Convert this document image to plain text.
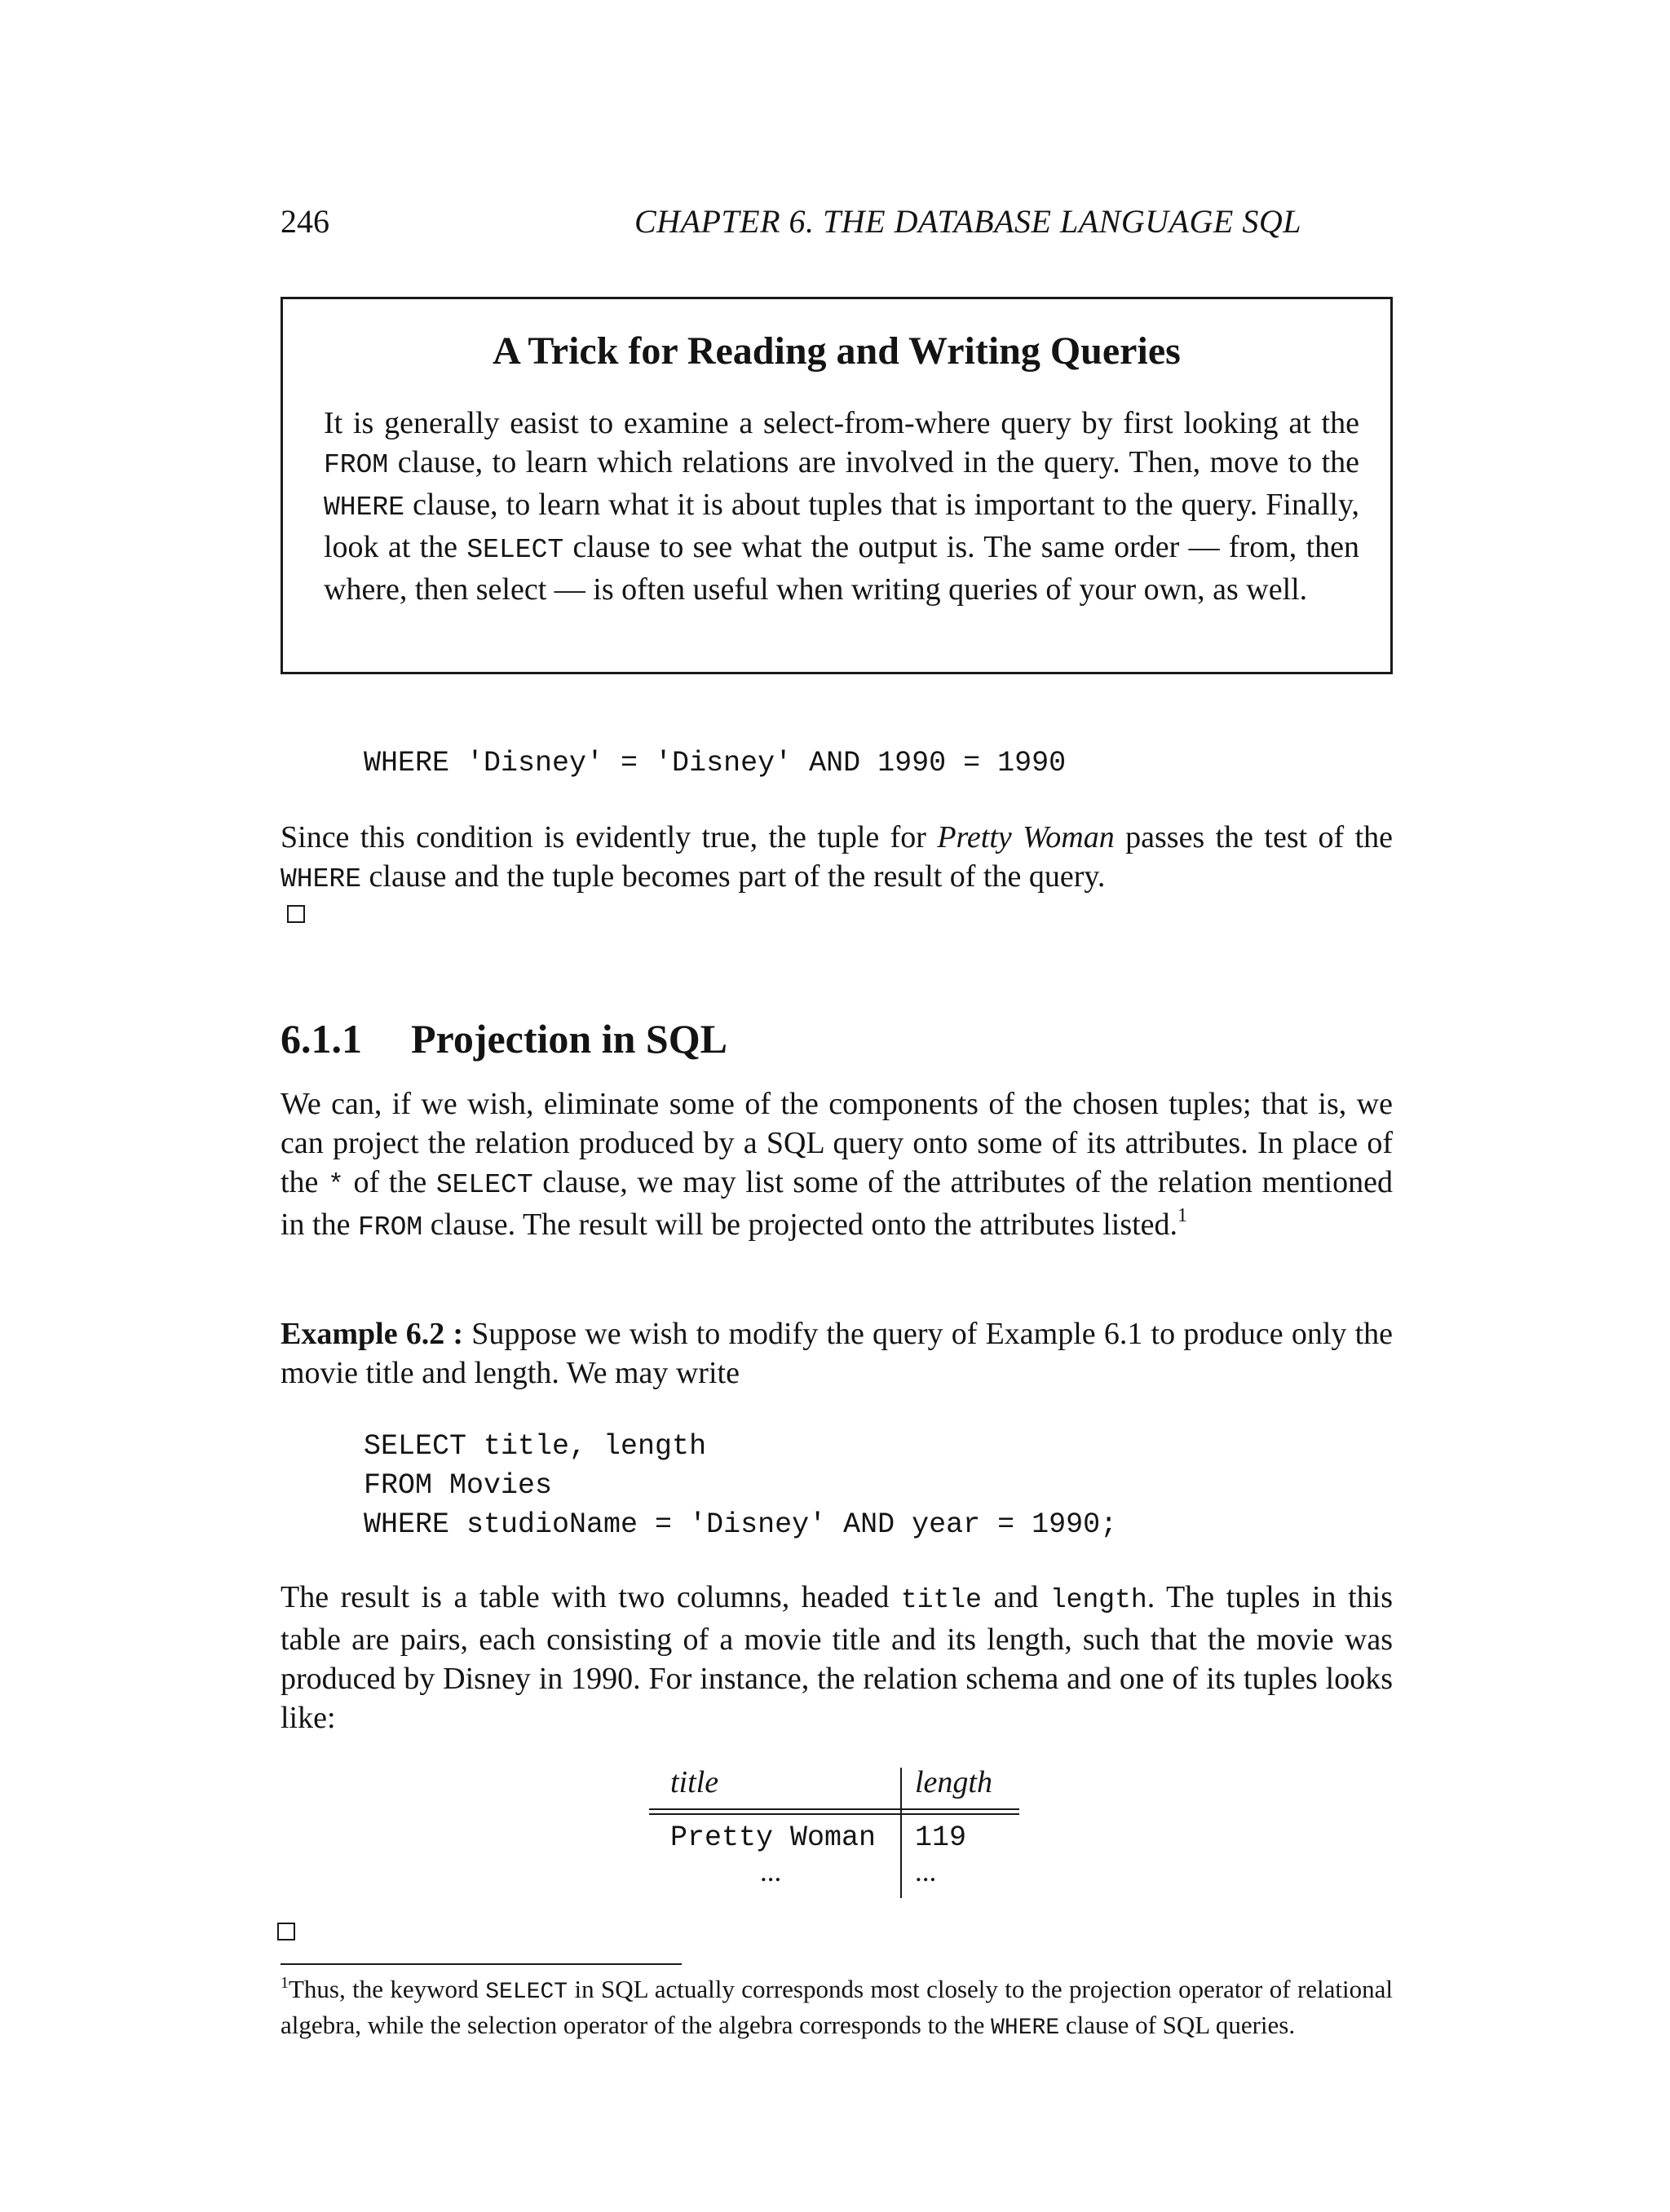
246	CHAPTER 6. THE DATABASE LANGUAGE SQL
A Trick for Reading and Writing Queries
It is generally easist to examine a select-from-where query by first looking at the FROM clause, to learn which relations are involved in the query. Then, move to the WHERE clause, to learn what it is about tuples that is important to the query. Finally, look at the SELECT clause to see what the output is. The same order — from, then where, then select — is often useful when writing queries of your own, as well.
WHERE 'Disney' = 'Disney' AND 1990 = 1990
Since this condition is evidently true, the tuple for Pretty Woman passes the test of the WHERE clause and the tuple becomes part of the result of the query.
6.1.1 Projection in SQL
We can, if we wish, eliminate some of the components of the chosen tuples; that is, we can project the relation produced by a SQL query onto some of its attributes. In place of the * of the SELECT clause, we may list some of the attributes of the relation mentioned in the FROM clause. The result will be projected onto the attributes listed.$^1$
Example 6.2 : Suppose we wish to modify the query of Example 6.1 to produce only the movie title and length. We may write
SELECT title, length
FROM Movies
WHERE studioName = 'Disney' AND year = 1990;
The result is a table with two columns, headed title and length. The tuples in this table are pairs, each consisting of a movie title and its length, such that the movie was produced by Disney in 1990. For instance, the relation schema and one of its tuples looks like:
title	length
Pretty Woman 119
...	...
$^1$Thus, the keyword SELECT in SQL actually corresponds most closely to the projection operator of relational algebra, while the selection operator of the algebra corresponds to the WHERE clause of SQL queries.
